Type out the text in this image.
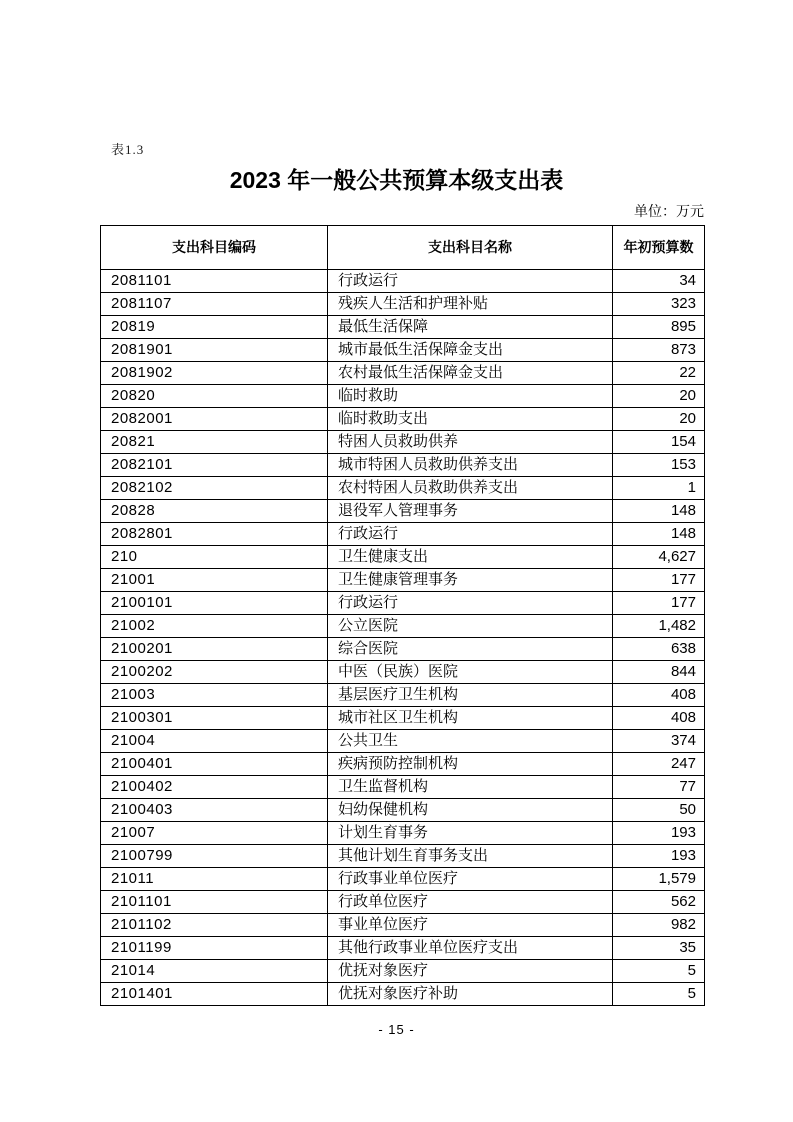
表1.3
2023 年一般公共预算本级支出表
单位：万元
支出科目编码	支出科目名称	年初预算数
2081101	行政运行	34
2081107	残疾人生活和护理补贴	323
20819	最低生活保障	895
2081901	城市最低生活保障金支出	873
2081902	农村最低生活保障金支出	22
20820	临时救助	20
2082001	临时救助支出	20
20821	特困人员救助供养	154
2082101	城市特困人员救助供养支出	153
2082102	农村特困人员救助供养支出	1
20828	退役军人管理事务	148
2082801	行政运行	148
210	卫生健康支出	4,627
21001	卫生健康管理事务	177
2100101	行政运行	177
21002	公立医院	1,482
2100201	综合医院	638
2100202	中医（民族）医院	844
21003	基层医疗卫生机构	408
2100301	城市社区卫生机构	408
21004	公共卫生	374
2100401	疾病预防控制机构	247
2100402	卫生监督机构	77
2100403	妇幼保健机构	50
21007	计划生育事务	193
2100799	其他计划生育事务支出	193
21011	行政事业单位医疗	1,579
2101101	行政单位医疗	562
2101102	事业单位医疗	982
2101199	其他行政事业单位医疗支出	35
21014	优抚对象医疗	5
2101401	优抚对象医疗补助	5
- 15 -
